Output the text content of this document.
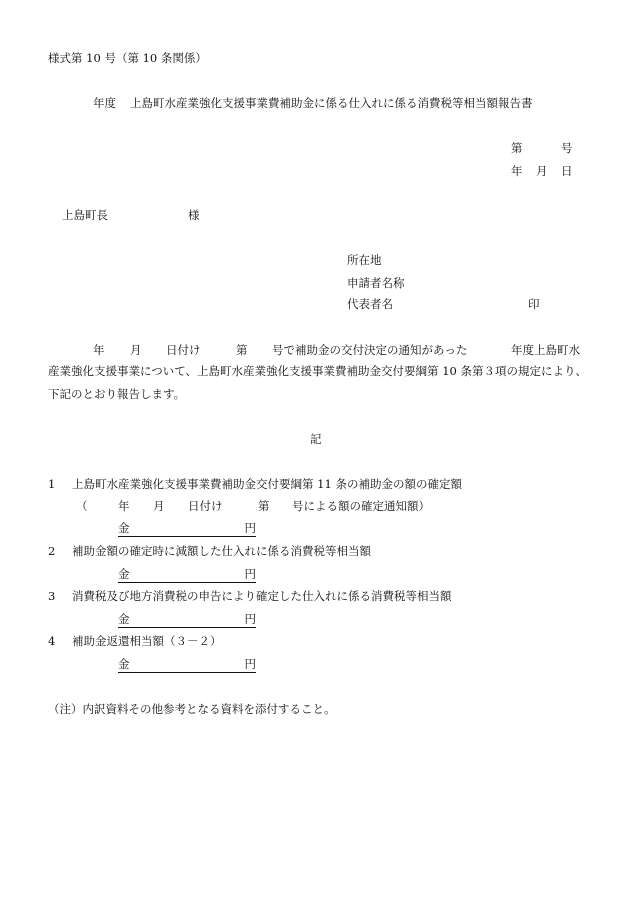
様式第 10 号（第 10 条関係）
年度 上島町水産業強化支援事業費補助金に係る仕入れに係る消費税等相当額報告書
第	号
年 月 日
上島町長	様
所在地
申請者名称
代表者名	印
年 月 日付け	第 号で補助金の交付決定の通知があった	年度上島町水
産業強化支援事業について、上島町水産業強化支援事業費補助金交付要綱第 10 条第３項の規定により、
下記のとおり報告します。
記
1 上島町水産業強化支援事業費補助金交付要綱第 11 条の補助金の額の確定額
（	年 月 日付け	第 号による額の確定通知額）
金	円
2 補助金額の確定時に減額した仕入れに係る消費税等相当額
金	円
3 消費税及び地方消費税の申告により確定した仕入れに係る消費税等相当額
金	円
4 補助金返還相当額（３－２）
金	円
（注）内訳資料その他参考となる資料を添付すること。
